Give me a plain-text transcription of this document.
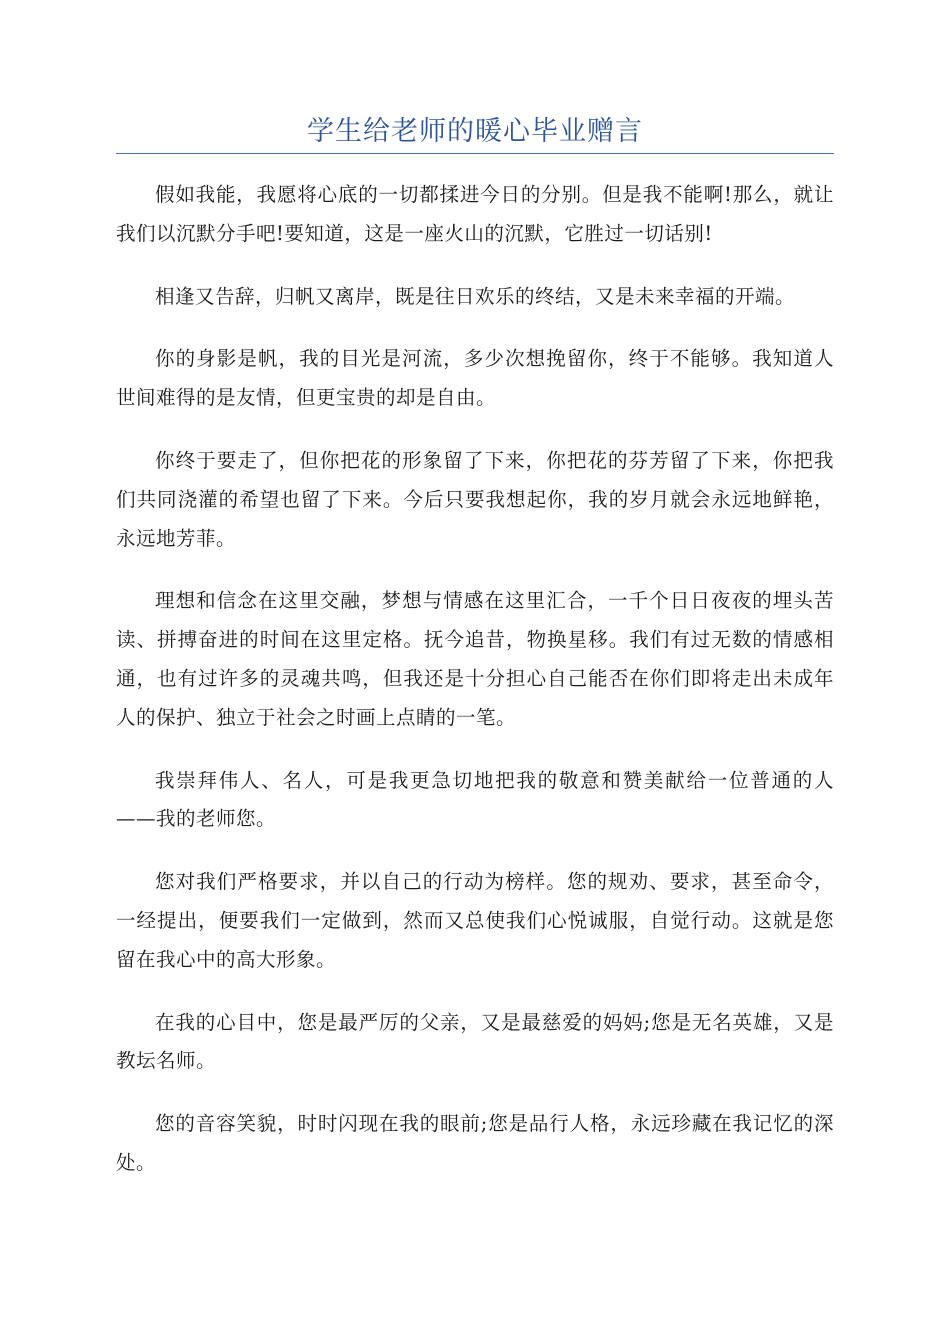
学生给老师的暖心毕业赠言

假如我能，我愿将心底的一切都揉进今日的分别。但是我不能啊!那么，就让我们以沉默分手吧!要知道，这是一座火山的沉默，它胜过一切话别!

相逢又告辞，归帆又离岸，既是往日欢乐的终结，又是未来幸福的开端。

你的身影是帆，我的目光是河流，多少次想挽留你，终于不能够。我知道人世间难得的是友情，但更宝贵的却是自由。

你终于要走了，但你把花的形象留了下来，你把花的芬芳留了下来，你把我们共同浇灌的希望也留了下来。今后只要我想起你，我的岁月就会永远地鲜艳，永远地芳菲。

理想和信念在这里交融，梦想与情感在这里汇合，一千个日日夜夜的埋头苦读、拼搏奋进的时间在这里定格。抚今追昔，物换星移。我们有过无数的情感相通，也有过许多的灵魂共鸣，但我还是十分担心自己能否在你们即将走出未成年人的保护、独立于社会之时画上点睛的一笔。

我崇拜伟人、名人，可是我更急切地把我的敬意和赞美献给一位普通的人——我的老师您。

您对我们严格要求，并以自己的行动为榜样。您的规劝、要求，甚至命令，一经提出，便要我们一定做到，然而又总使我们心悦诚服，自觉行动。这就是您留在我心中的高大形象。

在我的心目中，您是最严厉的父亲，又是最慈爱的妈妈;您是无名英雄，又是教坛名师。

您的音容笑貌，时时闪现在我的眼前;您是品行人格，永远珍藏在我记忆的深处。
